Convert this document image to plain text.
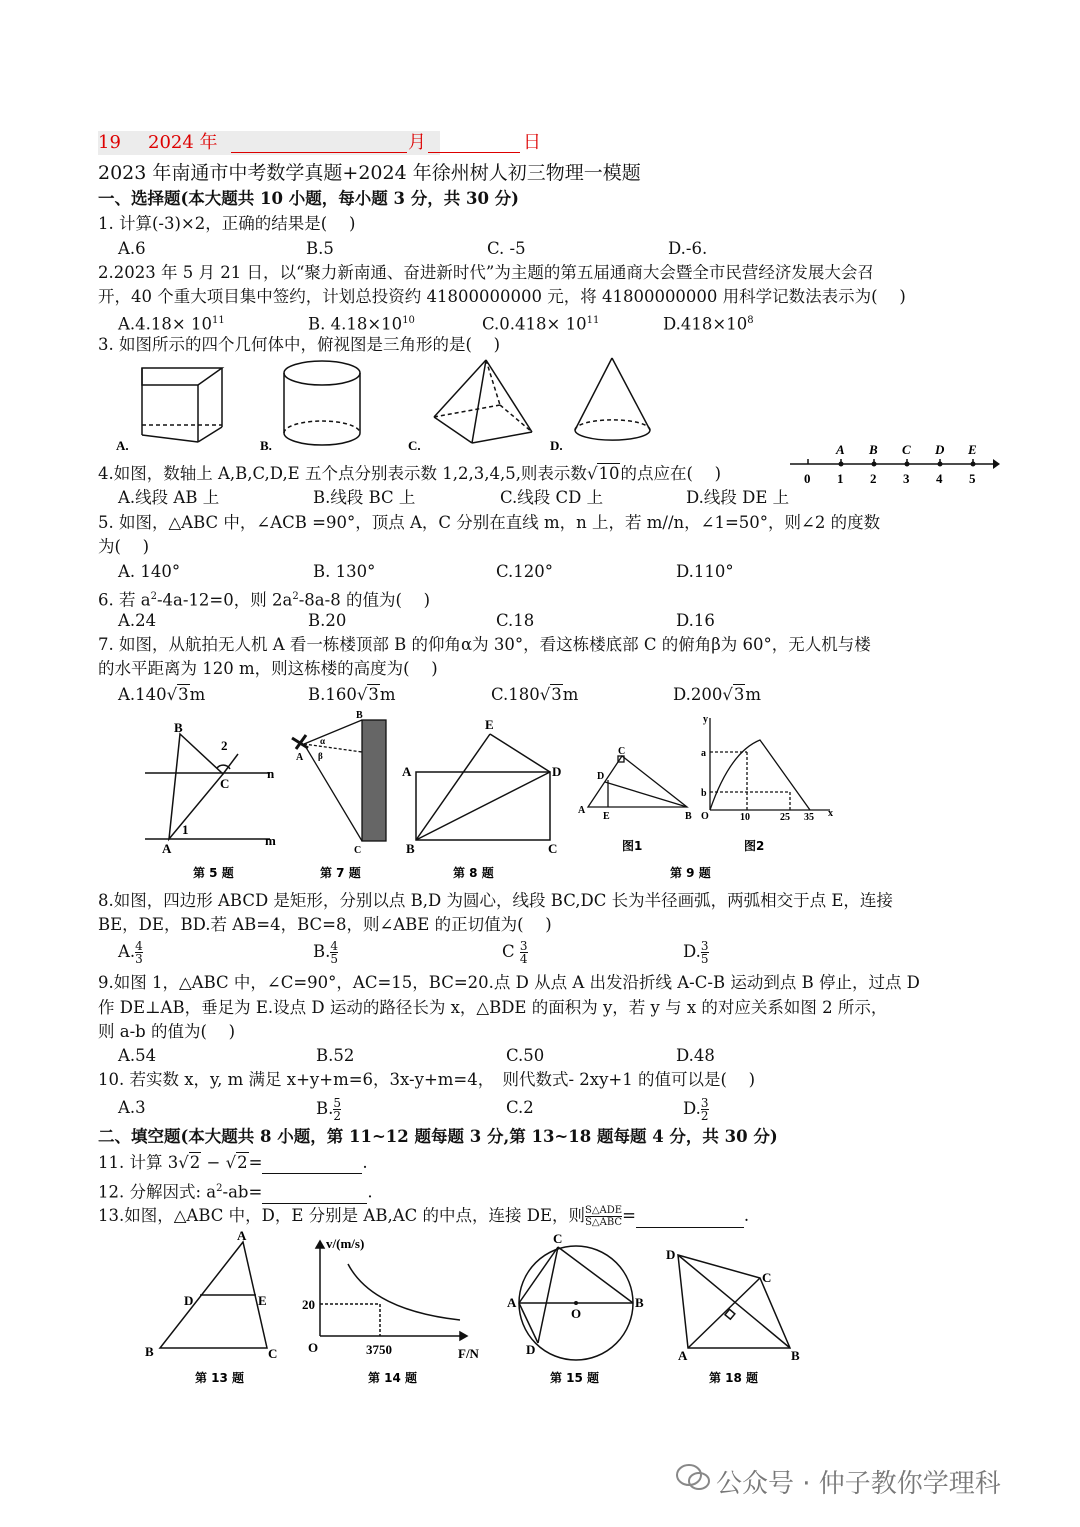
19 2024 年	月	日
2023 年南通市中考数学真题+2024 年徐州树人初三物理一模题
一、选择题(本大题共 10 小题，每小题 3 分，共 30 分)
1. 计算(-3)×2，正确的结果是(　 )
A.6	B.5	C. -5	D.-6.
2.2023 年 5 月 21 日，以“聚力新南通、奋进新时代”为主题的第五届通商大会暨全市民营经济发展大会召
开，40 个重大项目集中签约，计划总投资约 41800000000 元，将 41800000000 用科学记数法表示为(　 )
$A.4.18\times 10^{11}$	B. $4.18\times 10^{10}$	$C.0.418\times 10^{11}$	$D.418\times 10^8$
3. 如图所示的四个几何体中，俯视图是三角形的是(　 )
A.	B.	C.	D.
4.如图，数轴上 A,B,C,D,E 五个点分别表示数 1,2,3,4,5,则表示数√10的点应在(　 )	0 1
A
2
B
3
C
4
D
5
E
A.线段 AB 上	B.线段 BC 上	C.线段 CD 上	D.线段 DE 上
5. 如图，△ABC 中，∠ACB =90°，顶点 A，C 分别在直线 m，n 上，若 m//n，∠1=50°，则∠2 的度数
为(　 )
A. 140°	B. 130°	C.120°	D.110°
6. 若 $a^2-4a-12=0$，则 $2a^2-8a-8$ 的值为(　 )
A.24	B.20	C.18	D.16
7. 如图，从航拍无人机 A 看一栋楼顶部 B 的仰角α为 30°，看这栋楼底部 C 的俯角β为 60°，无人机与楼
的水平距离为 120 m，则这栋楼的高度为(　 )
A.140√3m	B.160√3m	C.180√3m	D.200√3m
B
2
C
n
1
A
m
第 5 题
B
A
α
β
C
第 7 题
E
A	D
B	C
第 8 题
C
D
A
E	B
图1
y
a
b
O	10	25 35 x
图2
第 9 题
8.如图，四边形 ABCD 是矩形，分别以点 B,D 为圆心，线段 BC,DC 长为半径画弧，两弧相交于点 E，连接
BE，DE，BD.若 AB=4，BC=8，则∠ABE 的正切值为(　 )
A. $\frac{4}{3}$	B. $\frac{4}{5}$	C $\frac{3}{4}$	D. $\frac{3}{5}$
9.如图 1，△ABC 中，∠C=90°，AC=15，BC=20.点 D 从点 A 出发沿折线 A-C-B 运动到点 B 停止，过点 D
作 DE⊥AB，垂足为 E.设点 D 运动的路径长为 x，△BDE 的面积为 y，若 y 与 x 的对应关系如图 2 所示，
则 a-b 的值为(　 )
A.54	B.52	C.50	D.48
10. 若实数 x，y, m 满足 x+y+m=6，3x-y+m=4，　则代数式- 2xy+1 的值可以是(　 )
A.3	B. $\frac{5}{2}$	C.2	D. $\frac{3}{2}$
二、填空题(本大题共 8 小题，第 11~12 题每题 3 分,第 13~18 题每题 4 分，共 30 分)
11. 计算 3√2 − √2=	.
12. 分解因式: $a^2-ab=$	.
13.如图，△ABC 中，D，E 分别是 AB,AC 的中点，连接 DE，则 $\frac{\text{S△ADE}}{\text{S△ABC}}$ =	.
A
D	E
B	C
第 13 题
v/(m/s)
20
O	3750	F/N
第 14 题
C
A
O
B
D
第 15 题
D
C
A	B
第 18 题
公众号 · 仲子教你学理科
